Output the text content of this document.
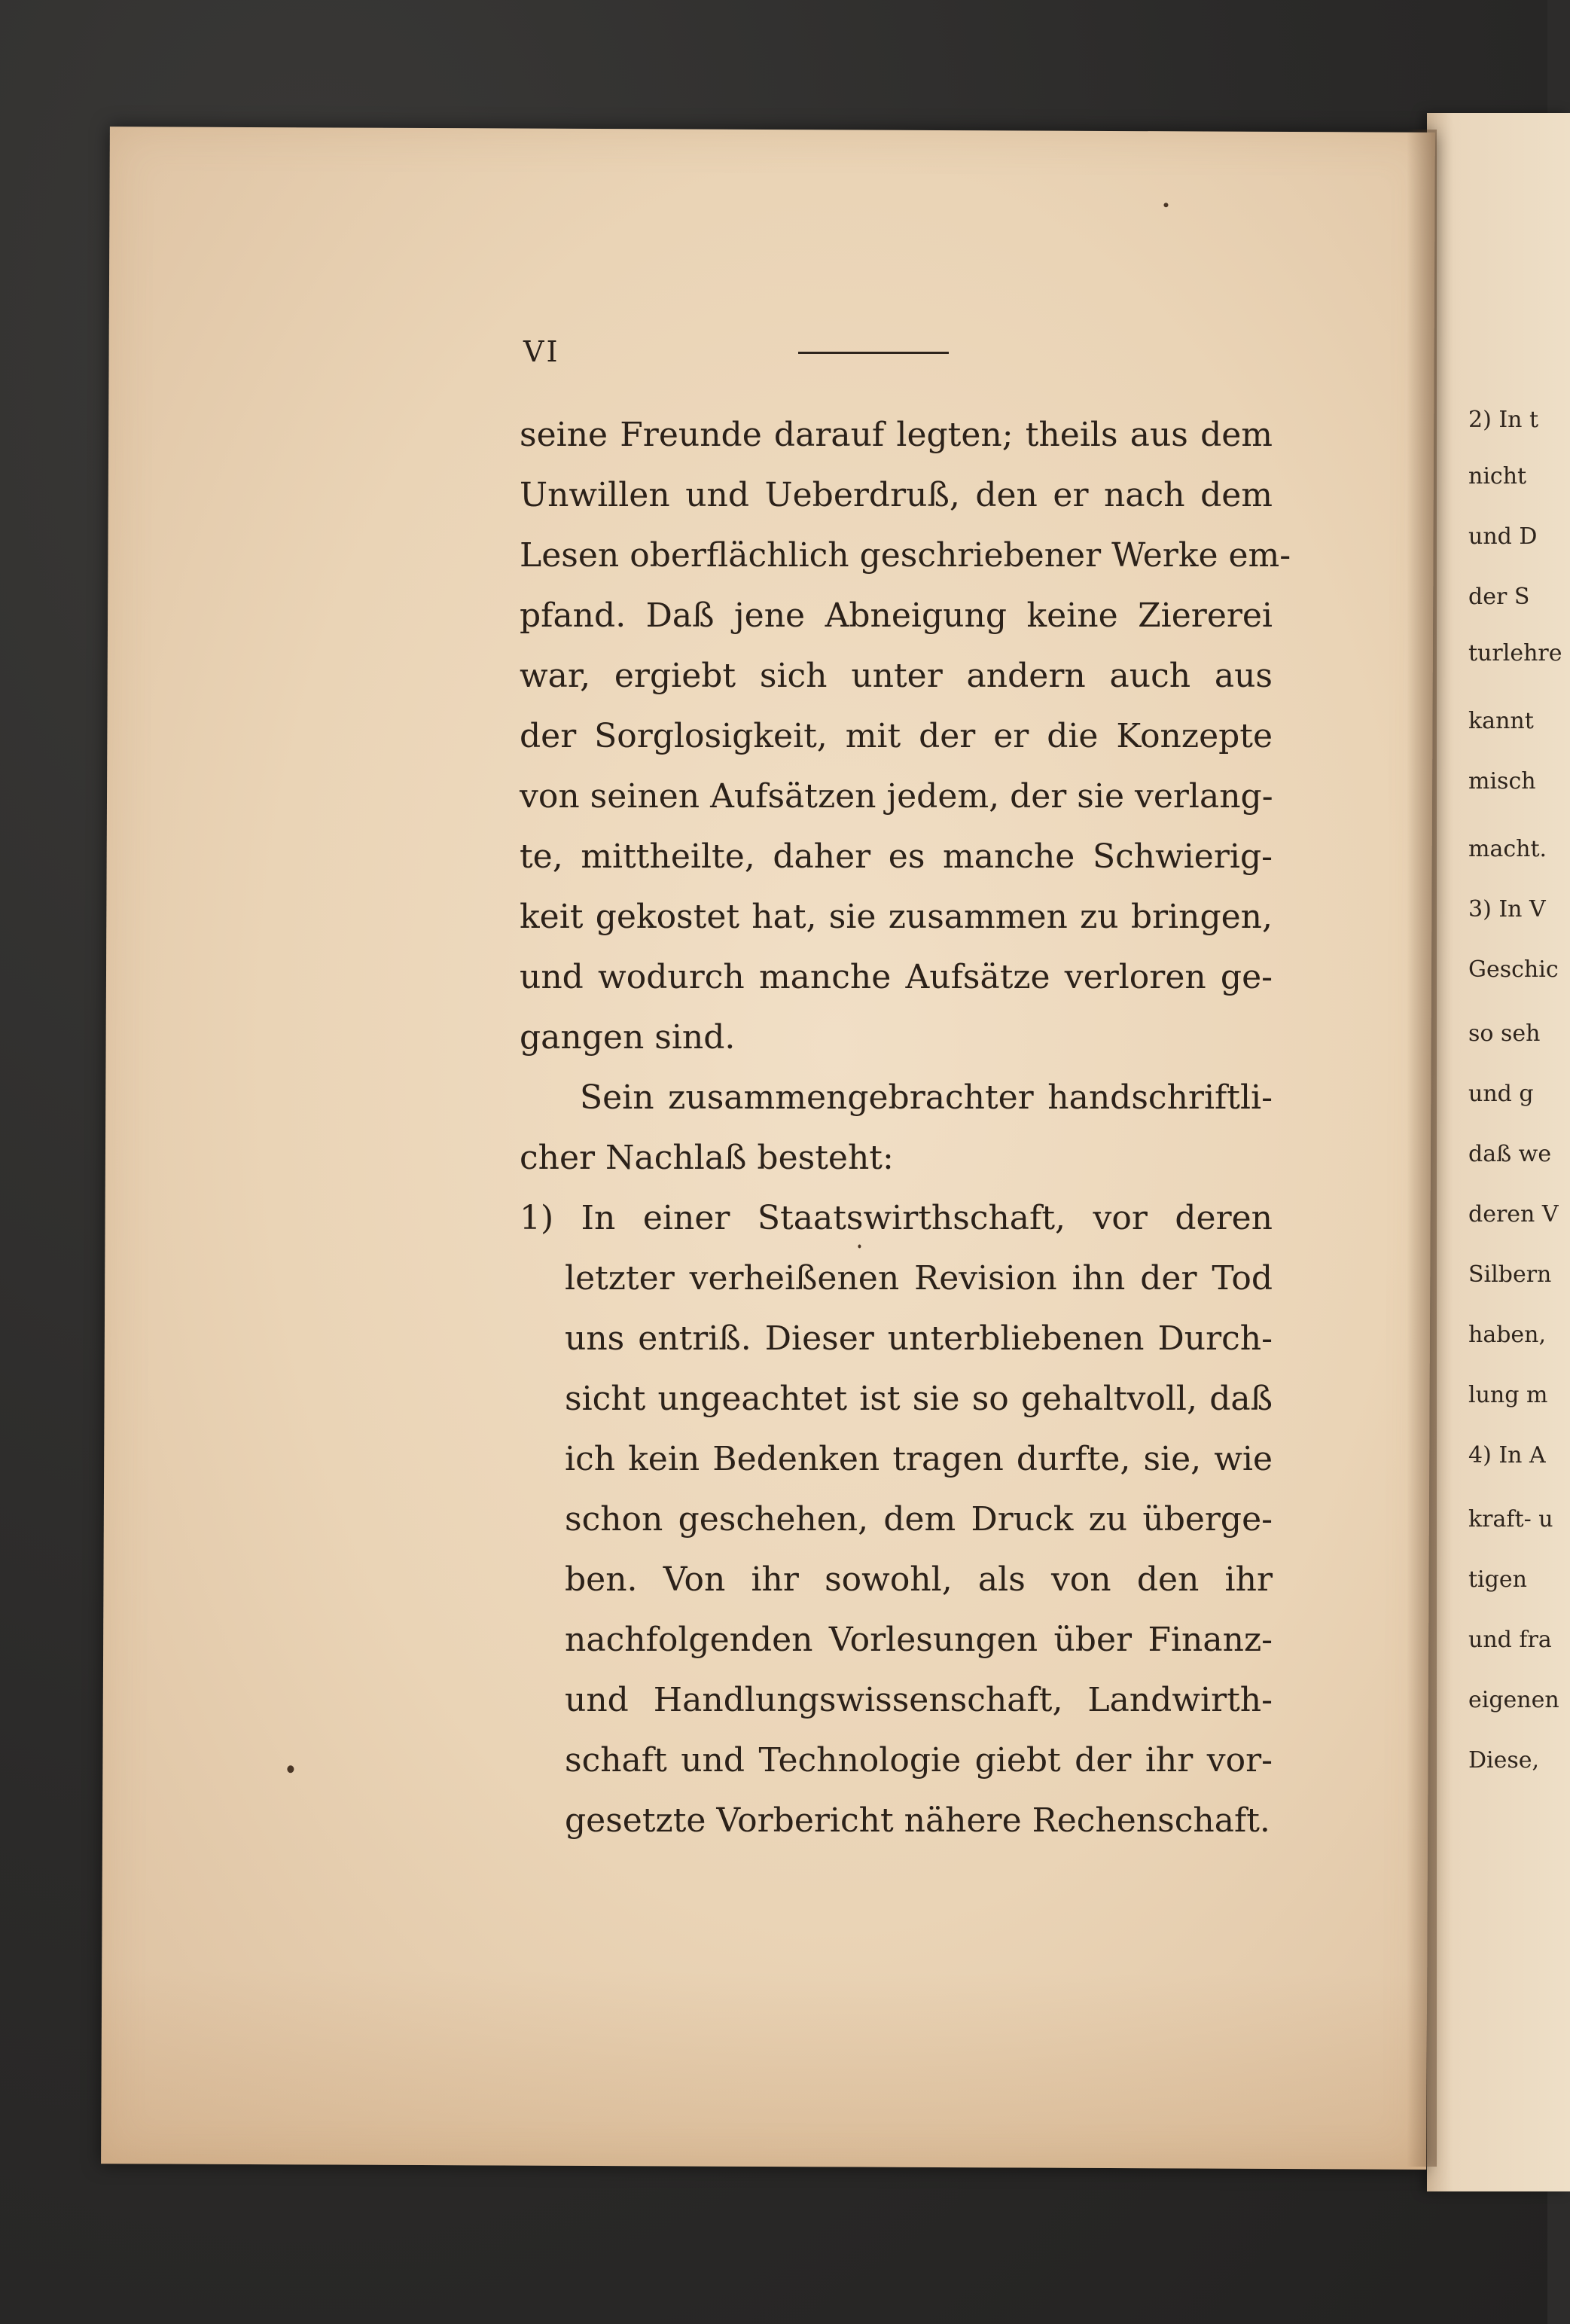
2) In t
nicht
und D
der S
turlehre
kannt
misch
macht.
3) In V
Geschic
so seh
und g
daß we
deren V
Silbern
haben,
lung m
4) In A
kraft- u
tigen
und fra
eigenen
Diese,
VI
seine Freunde darauf legten; theils aus dem
Unwillen und Ueberdruß, den er nach dem
Lesen oberflächlich geschriebener Werke em-
pfand. Daß jene Abneigung keine Ziererei
war, ergiebt sich unter andern auch aus
der Sorglosigkeit, mit der er die Konzepte
von seinen Aufsätzen jedem, der sie verlang-
te, mittheilte, daher es manche Schwierig-
keit gekostet hat, sie zusammen zu bringen,
und wodurch manche Aufsätze verloren ge-
gangen sind.
Sein zusammengebrachter handschriftli-
cher Nachlaß besteht:
1) In einer Staatswirthschaft, vor deren
letzter verheißenen Revision ihn der Tod
uns entriß. Dieser unterbliebenen Durch-
sicht ungeachtet ist sie so gehaltvoll, daß
ich kein Bedenken tragen durfte, sie, wie
schon geschehen, dem Druck zu überge-
ben. Von ihr sowohl, als von den ihr
nachfolgenden Vorlesungen über Finanz-
und Handlungswissenschaft, Landwirth-
schaft und Technologie giebt der ihr vor-
gesetzte Vorbericht nähere Rechenschaft.
